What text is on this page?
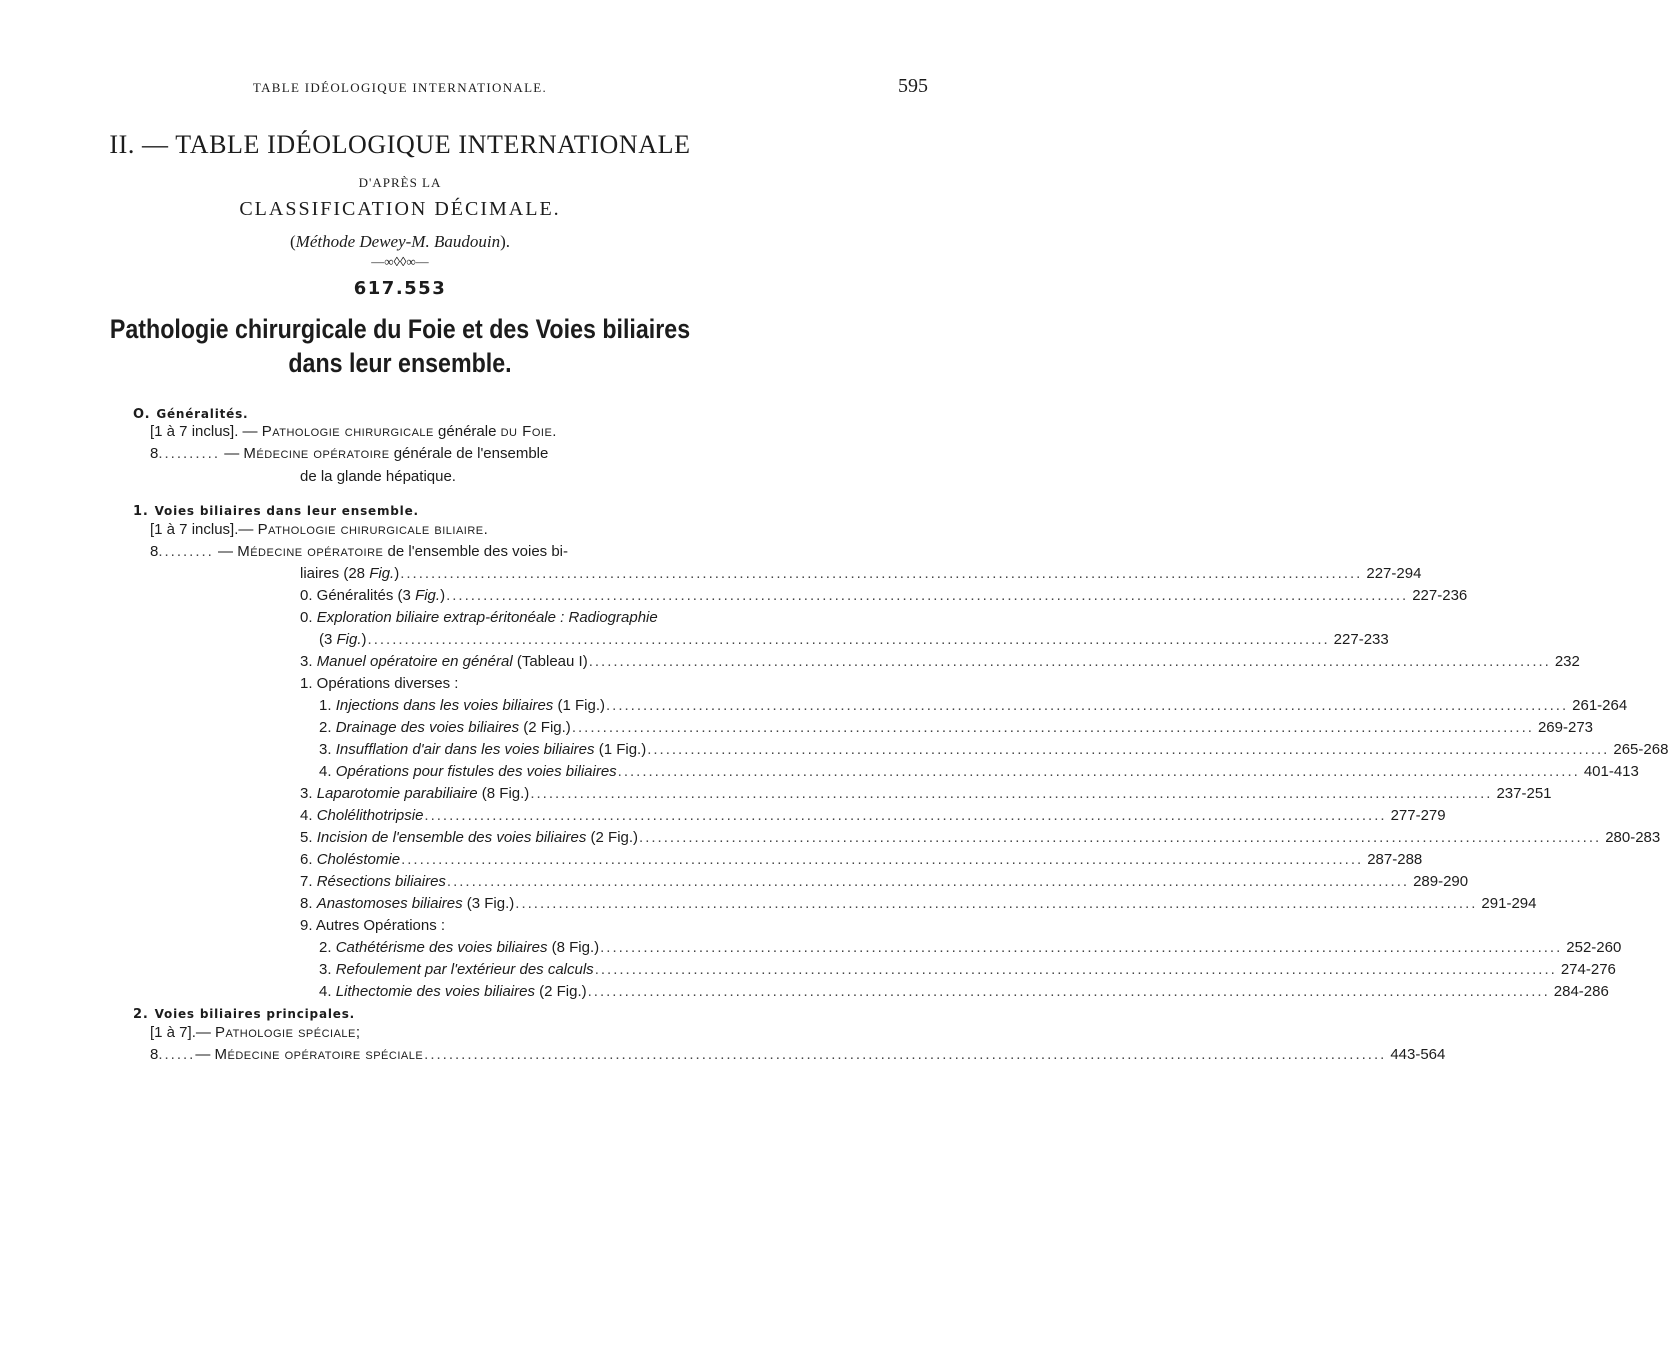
TABLE IDÉOLOGIQUE INTERNATIONALE.	595
II. — TABLE IDÉOLOGIQUE INTERNATIONALE
D'APRÈS LA
CLASSIFICATION DÉCIMALE.
(Méthode Dewey-M. Baudouin).
—∞◊◊∞—
617.553
Pathologie chirurgicale du Foie et des Voies biliaires
dans leur ensemble.
O. Généralités.
[1 à 7 inclus]. — Pathologie chirurgicale générale du Foie.
8.......... — Médecine opératoire générale de l'ensemble
de la glande hépatique.
1. Voies biliaires dans leur ensemble.
[1 à 7 inclus].— Pathologie chirurgicale biliaire.
8......... — Médecine opératoire de l'ensemble des voies bi-
liaires (28 Fig.) .....	227-294
0. Généralités (3 Fig.) .....	227-236
0. Exploration biliaire extrap-éritonéale : Radiographie
(3 Fig.) .....	227-233
3. Manuel opératoire en général (Tableau I) .....	232
1. Opérations diverses :
1. Injections dans les voies biliaires (1 Fig.) .....	261-264
2. Drainage des voies biliaires (2 Fig.) .....	269-273
3. Insufflation d'air dans les voies biliaires (1 Fig.) .....	265-268
4. Opérations pour fistules des voies biliaires .....	401-413
3. Laparotomie parabiliaire (8 Fig.) .....	237-251
4. Cholélithotripsie .....	277-279
5. Incision de l'ensemble des voies biliaires (2 Fig.) .....	280-283
6. Choléstomie .....	287-288
7. Résections biliaires .....	289-290
8. Anastomoses biliaires (3 Fig.) .....	291-294
9. Autres Opérations :
2. Cathétérisme des voies biliaires (8 Fig.) .....	252-260
3. Refoulement par l'extérieur des calculs .....	274-276
4. Lithectomie des voies biliaires (2 Fig.) .....	284-286
2. Voies biliaires principales.
[1 à 7].— Pathologie spéciale;
8......— Médecine opératoire spéciale .....	443-564
